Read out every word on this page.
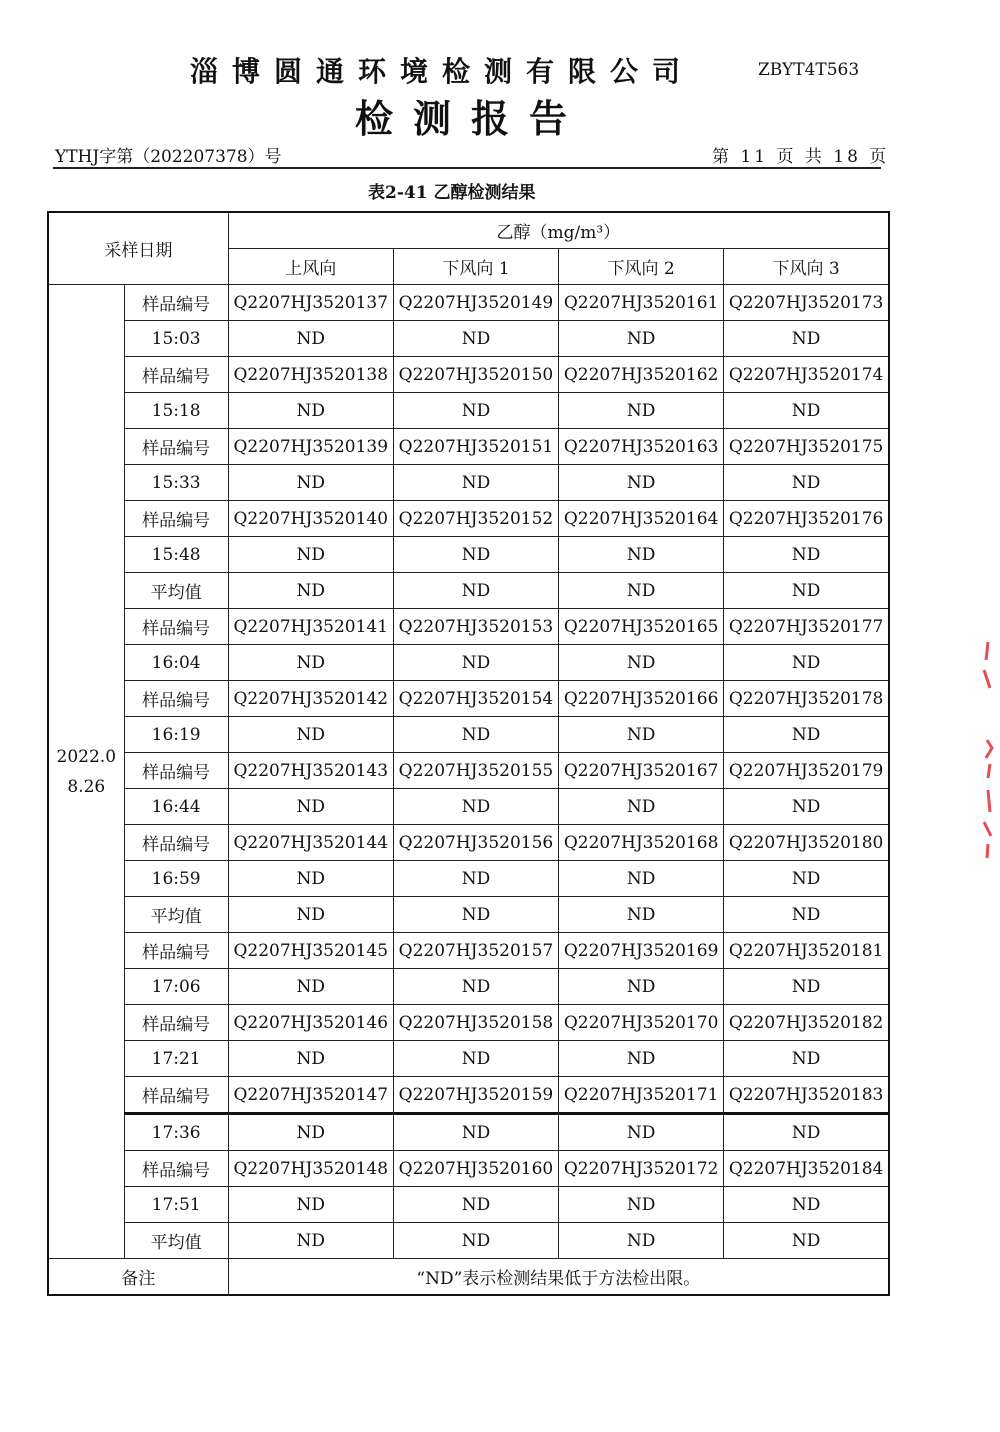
淄博圆通环境检测有限公司	ZBYT4T563
检测报告
YTHJ字第（202207378）号	第 11 页 共 18 页
表2-41 乙醇检测结果
采样日期		乙醇（mg/m³）			
		上风向	下风向 1	下风向 2	下风向 3

2022.0
8.26	样品编号	Q2207HJ3520137	Q2207HJ3520149	Q2207HJ3520161	Q2207HJ3520173
	15:03	ND	ND	ND	ND
	样品编号	Q2207HJ3520138	Q2207HJ3520150	Q2207HJ3520162	Q2207HJ3520174
	15:18	ND	ND	ND	ND
	样品编号	Q2207HJ3520139	Q2207HJ3520151	Q2207HJ3520163	Q2207HJ3520175
	15:33	ND	ND	ND	ND
	样品编号	Q2207HJ3520140	Q2207HJ3520152	Q2207HJ3520164	Q2207HJ3520176
	15:48	ND	ND	ND	ND
	平均值	ND	ND	ND	ND
	样品编号	Q2207HJ3520141	Q2207HJ3520153	Q2207HJ3520165	Q2207HJ3520177
	16:04	ND	ND	ND	ND
	样品编号	Q2207HJ3520142	Q2207HJ3520154	Q2207HJ3520166	Q2207HJ3520178
	16:19	ND	ND	ND	ND
	样品编号	Q2207HJ3520143	Q2207HJ3520155	Q2207HJ3520167	Q2207HJ3520179
	16:44	ND	ND	ND	ND
	样品编号	Q2207HJ3520144	Q2207HJ3520156	Q2207HJ3520168	Q2207HJ3520180
	16:59	ND	ND	ND	ND
	平均值	ND	ND	ND	ND
	样品编号	Q2207HJ3520145	Q2207HJ3520157	Q2207HJ3520169	Q2207HJ3520181
	17:06	ND	ND	ND	ND
	样品编号	Q2207HJ3520146	Q2207HJ3520158	Q2207HJ3520170	Q2207HJ3520182
	17:21	ND	ND	ND	ND
	样品编号	Q2207HJ3520147	Q2207HJ3520159	Q2207HJ3520171	Q2207HJ3520183
	17:36	ND	ND	ND	ND
	样品编号	Q2207HJ3520148	Q2207HJ3520160	Q2207HJ3520172	Q2207HJ3520184
	17:51	ND	ND	ND	ND
	平均值	ND	ND	ND	ND
备注		“ND”表示检测结果低于方法检出限。			
